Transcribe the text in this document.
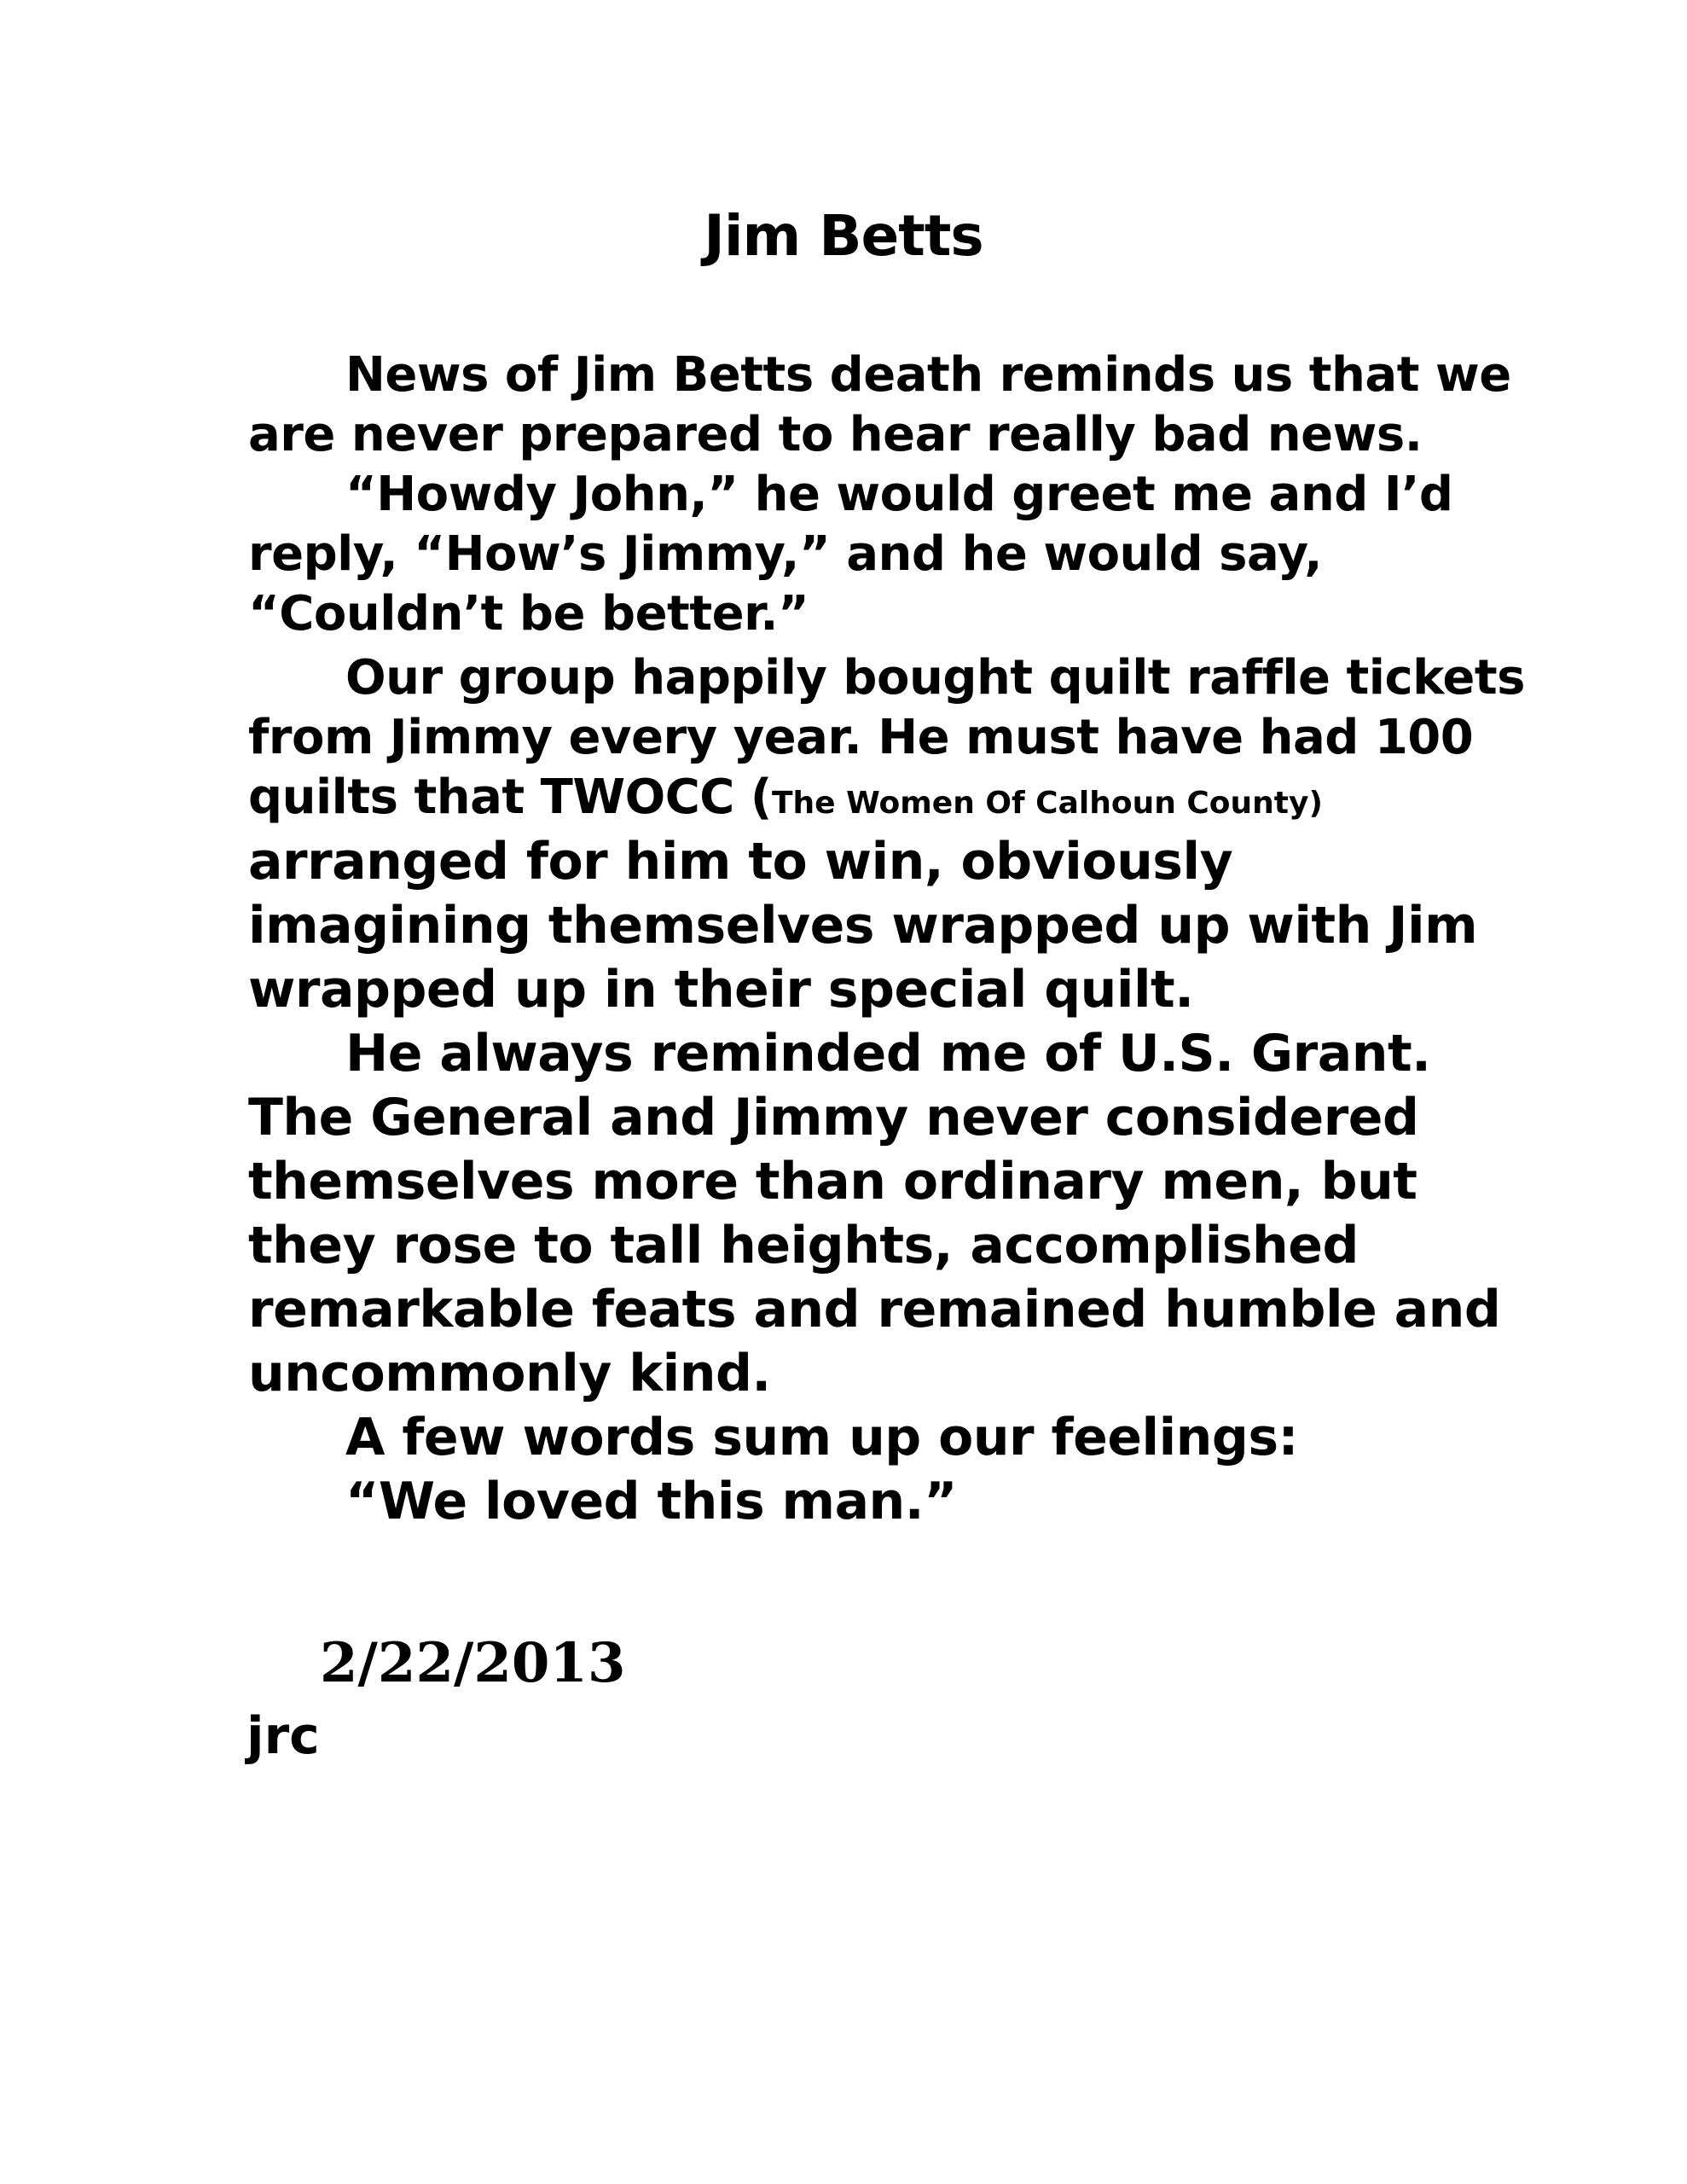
Jim Betts
News of Jim Betts death reminds us that we
are never prepared to hear really bad news.
“Howdy John,” he would greet me and I’d
reply, “How’s Jimmy,” and he would say,
“Couldn’t be better.”
Our group happily bought quilt raffle tickets
from Jimmy every year. He must have had 100
quilts that TWOCC (The Women Of Calhoun County)
arranged for him to win, obviously
imagining themselves wrapped up with Jim
wrapped up in their special quilt.
He always reminded me of U.S. Grant.
The General and Jimmy never considered
themselves more than ordinary men, but
they rose to tall heights, accomplished
remarkable feats and remained humble and
uncommonly kind.
A few words sum up our feelings:
“We loved this man.”
2/22/2013
jrc
